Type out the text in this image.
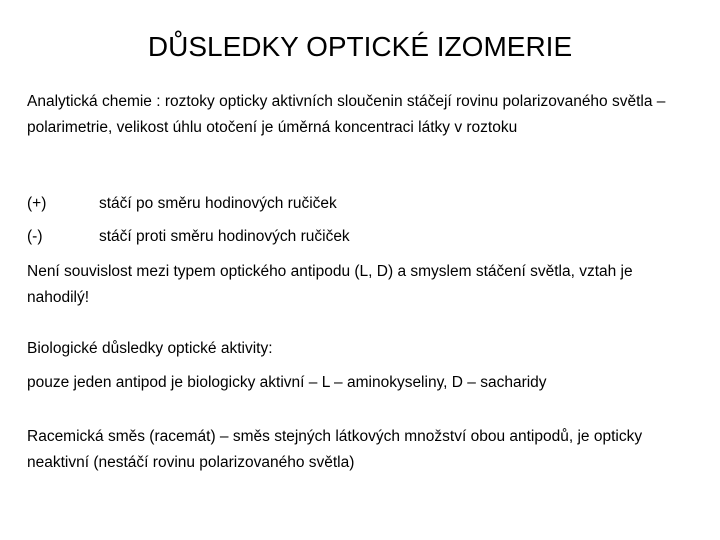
DŮSLEDKY OPTICKÉ IZOMERIE
Analytická chemie : roztoky opticky aktivních sloučenin stáčejí rovinu polarizovaného světla – polarimetrie, velikost úhlu otočení je úměrná koncentraci látky v roztoku
(+)	stáčí po směru hodinových ručiček
(-)	stáčí proti směru hodinových ručiček
Není souvislost mezi typem optického antipodu (L, D) a smyslem stáčení světla, vztah je nahodilý!
Biologické důsledky optické aktivity:
pouze jeden antipod je biologicky aktivní – L – aminokyseliny, D – sacharidy
Racemická směs (racemát) – směs stejných látkových množství obou antipodů, je opticky neaktivní (nestáčí rovinu polarizovaného světla)
